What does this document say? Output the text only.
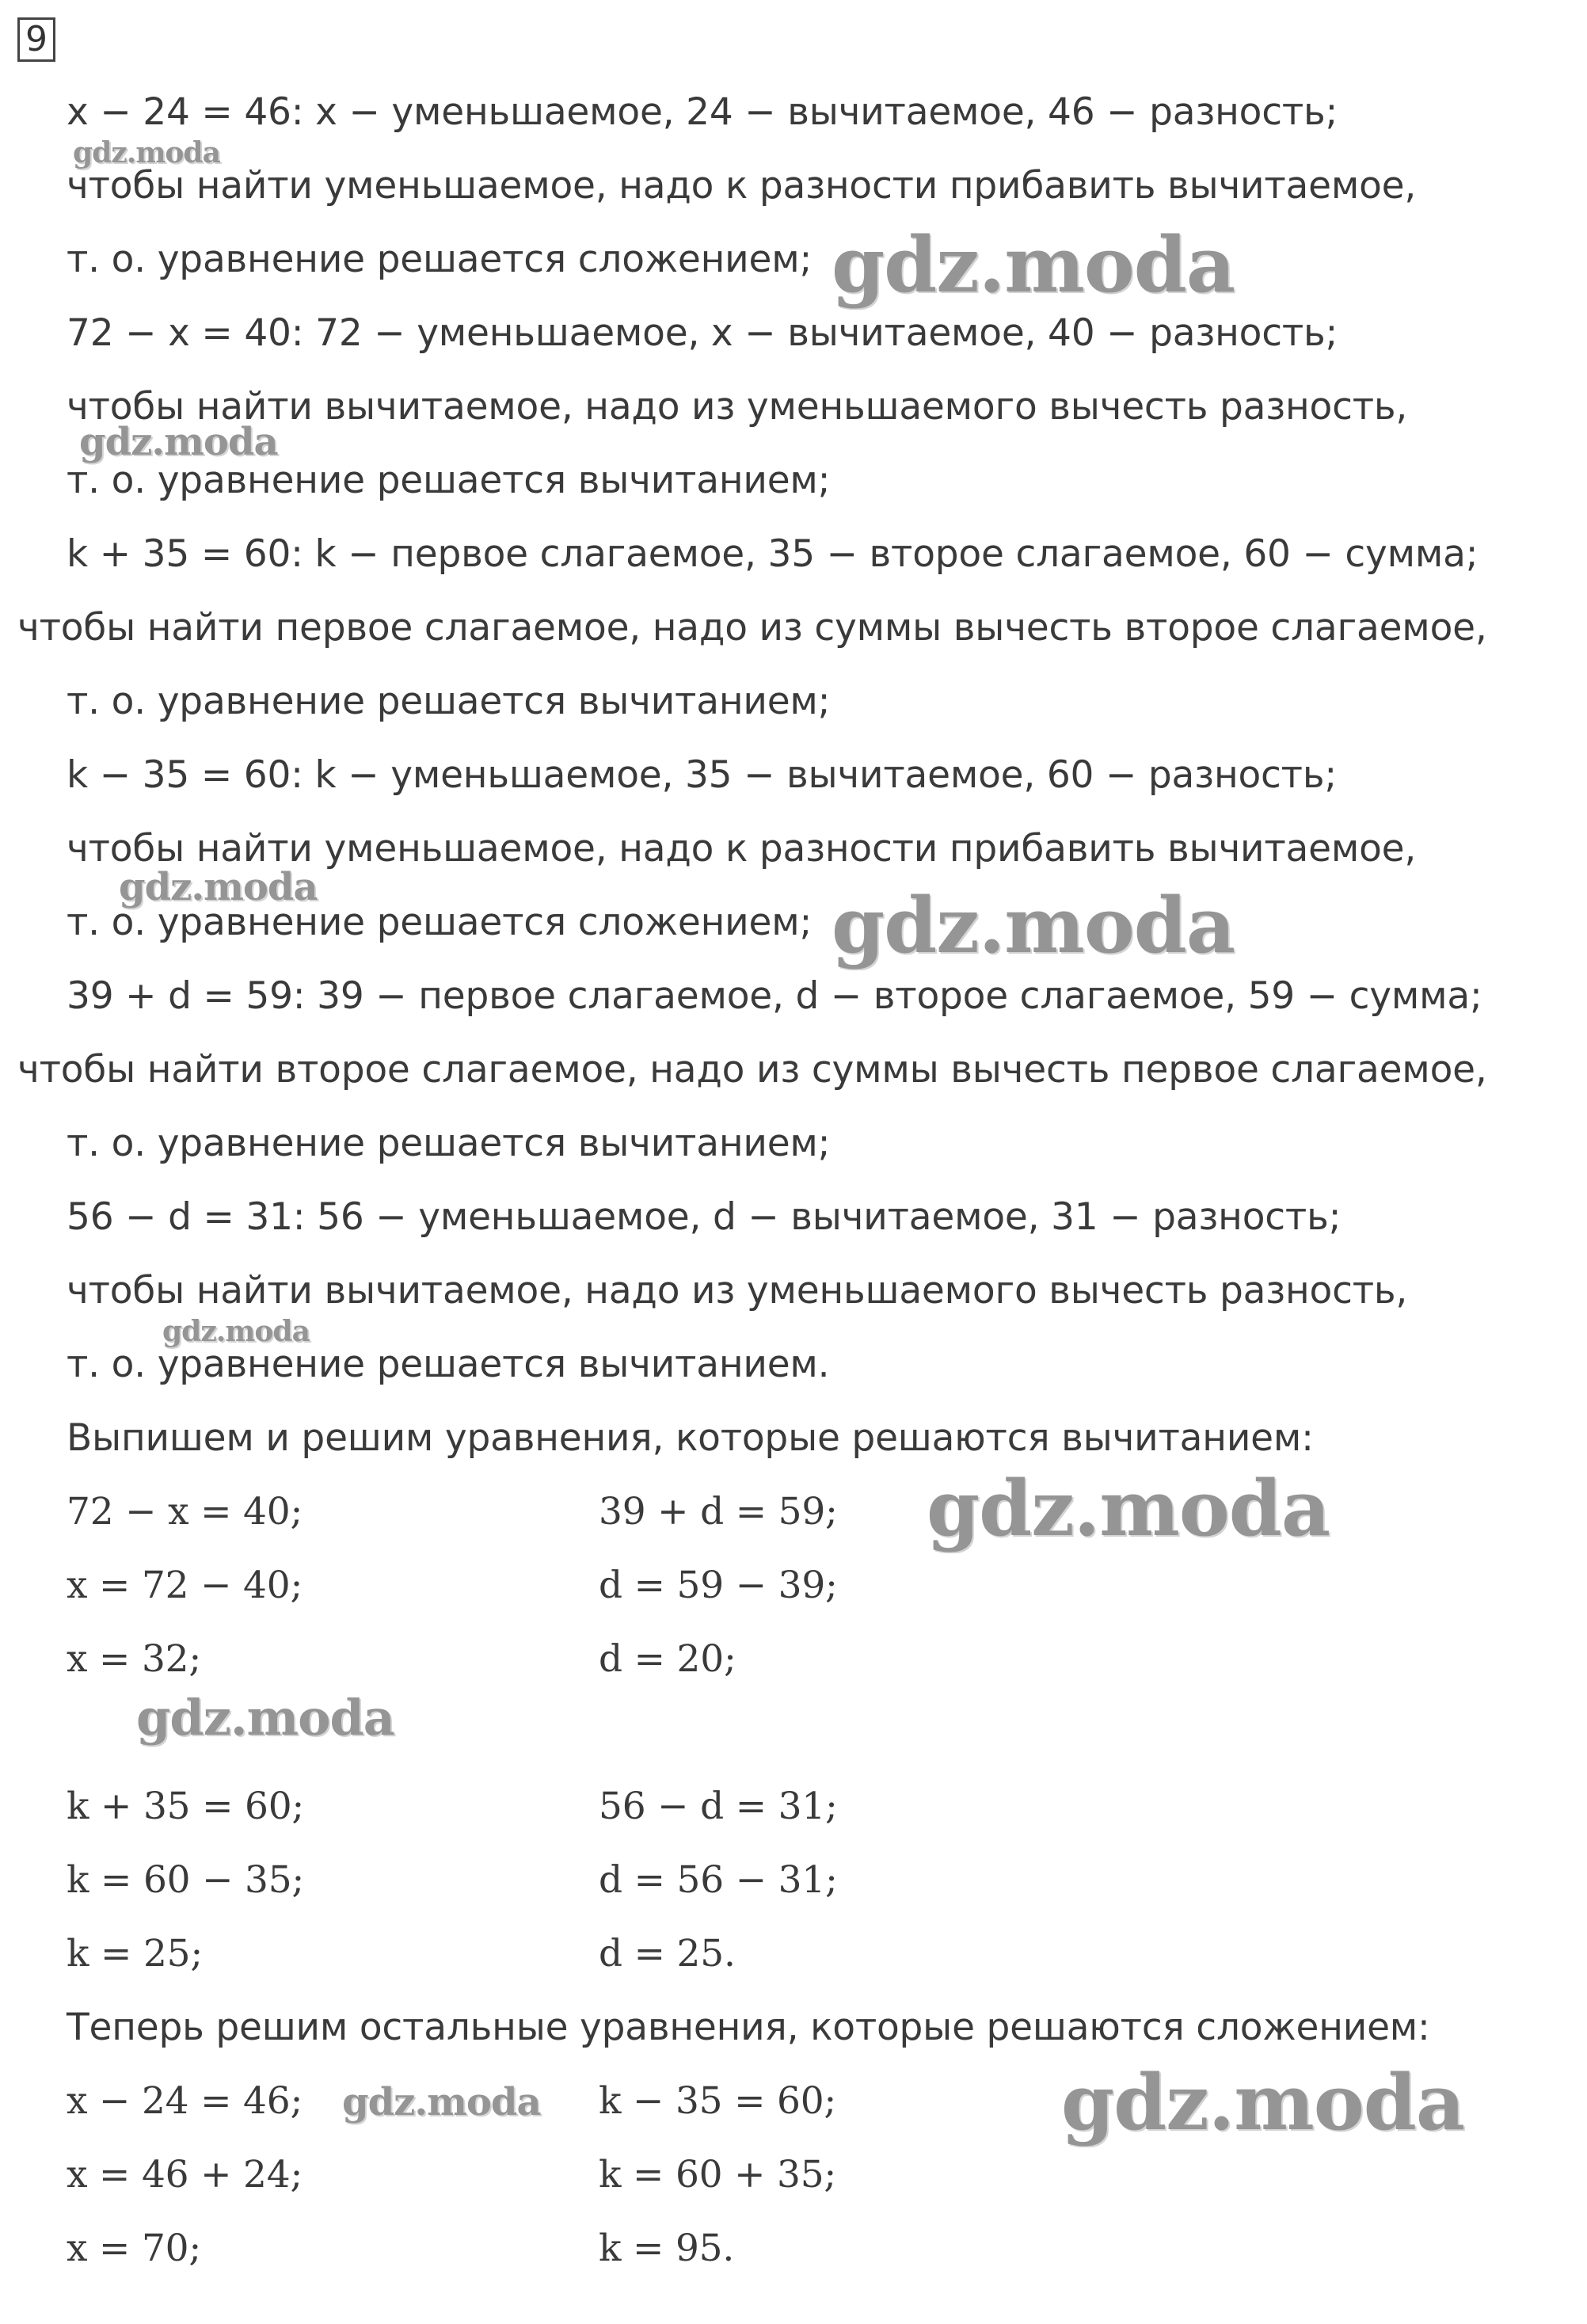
9
x − 24 = 46: x − уменьшаемое, 24 − вычитаемое, 46 − разность;
чтобы найти уменьшаемое, надо к разности прибавить вычитаемое,
т. о. уравнение решается сложением;
72 − x = 40: 72 − уменьшаемое, x − вычитаемое, 40 − разность;
чтобы найти вычитаемое, надо из уменьшаемого вычесть разность,
т. о. уравнение решается вычитанием;
k + 35 = 60: k − первое слагаемое, 35 − второе слагаемое, 60 − сумма;
чтобы найти первое слагаемое, надо из суммы вычесть второе слагаемое,
т. о. уравнение решается вычитанием;
k − 35 = 60: k − уменьшаемое, 35 − вычитаемое, 60 − разность;
чтобы найти уменьшаемое, надо к разности прибавить вычитаемое,
т. о. уравнение решается сложением;
39 + d = 59: 39 − первое слагаемое, d − второе слагаемое, 59 − сумма;
чтобы найти второе слагаемое, надо из суммы вычесть первое слагаемое,
т. о. уравнение решается вычитанием;
56 − d = 31: 56 − уменьшаемое, d − вычитаемое, 31 − разность;
чтобы найти вычитаемое, надо из уменьшаемого вычесть разность,
т. о. уравнение решается вычитанием.
Выпишем и решим уравнения, которые решаются вычитанием:
72 − x = 40;
x = 72 − 40;
x = 32;
39 + d = 59;
d = 59 − 39;
d = 20;
k + 35 = 60;
k = 60 − 35;
k = 25;
56 − d = 31;
d = 56 − 31;
d = 25.
Теперь решим остальные уравнения, которые решаются сложением:
x − 24 = 46;
x = 46 + 24;
x = 70;
k − 35 = 60;
k = 60 + 35;
k = 95.
gdz.moda
gdz.moda
gdz.moda
gdz.moda	gdz.moda
gdz.moda
gdz.moda
gdz.moda
gdz.moda	gdz.moda
